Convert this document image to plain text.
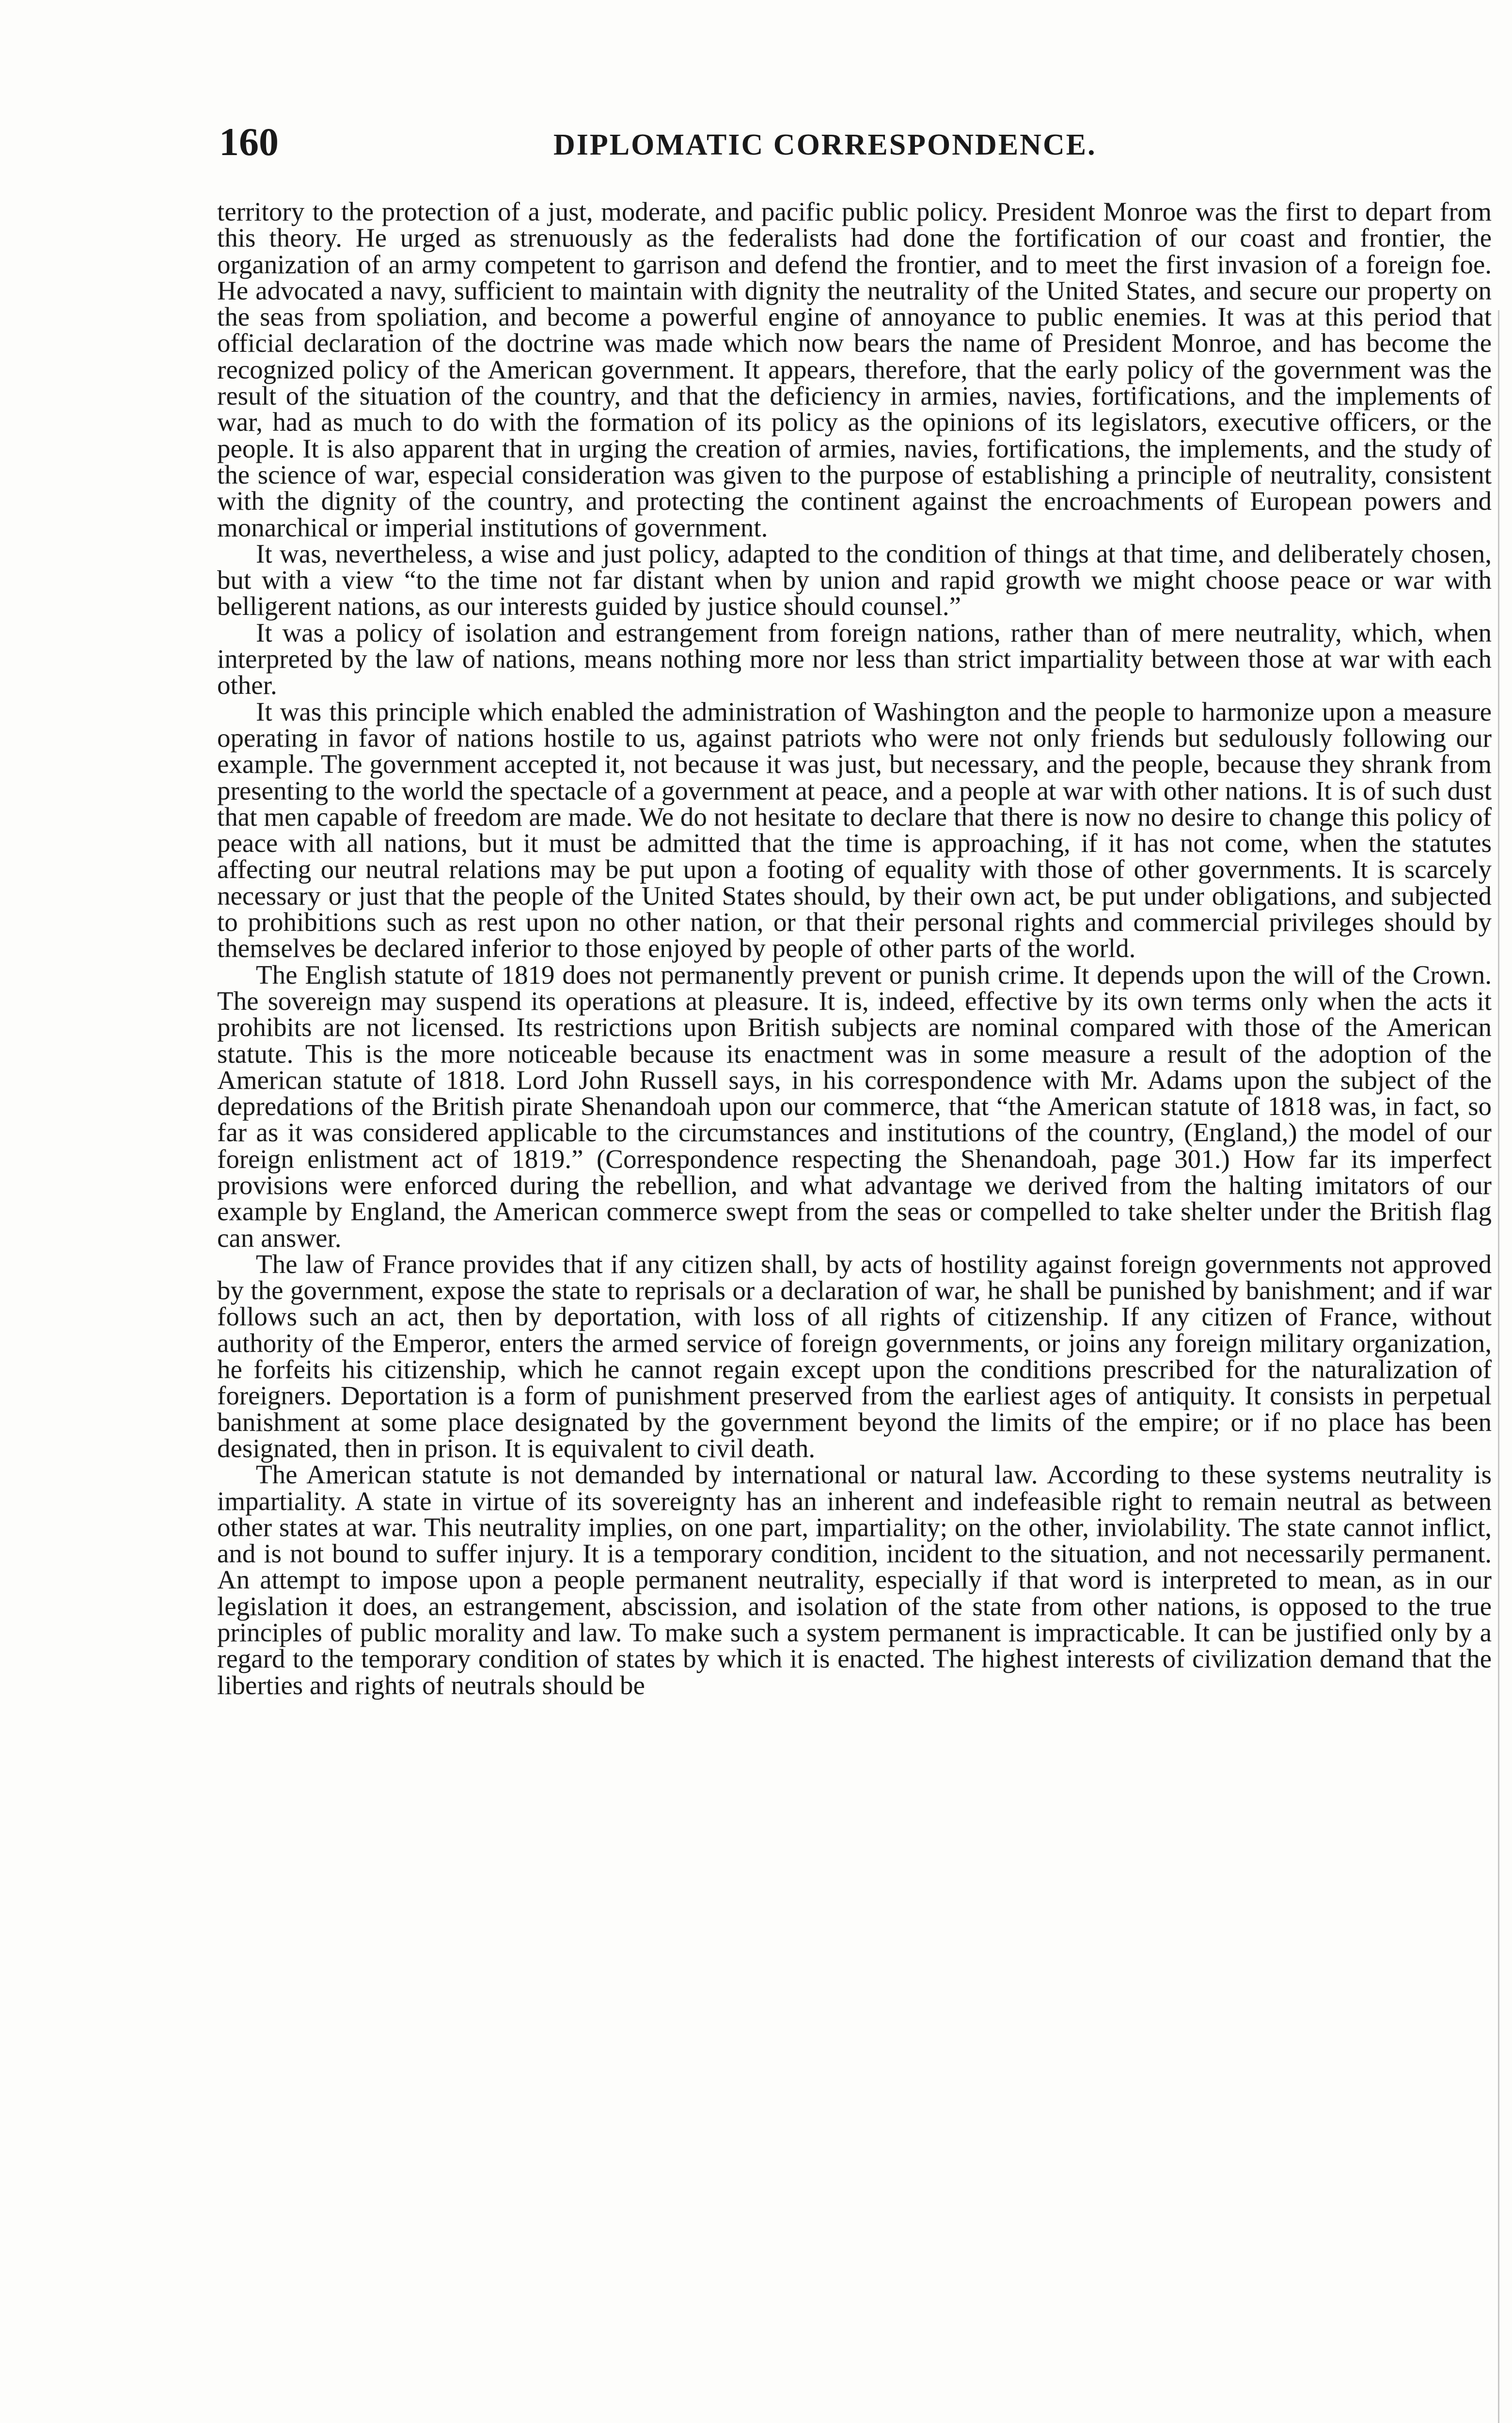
160	DIPLOMATIC CORRESPONDENCE.

territory to the protection of a just, moderate, and pacific public policy. President Monroe was the first to depart from this theory. He urged as strenuously as the federalists had done the fortification of our coast and frontier, the organization of an army competent to garrison and defend the frontier, and to meet the first invasion of a foreign foe. He advocated a navy, sufficient to maintain with dignity the neutrality of the United States, and secure our property on the seas from spoliation, and become a powerful engine of annoyance to public enemies. It was at this period that official declaration of the doctrine was made which now bears the name of President Monroe, and has become the recognized policy of the American government. It appears, therefore, that the early policy of the government was the result of the situation of the country, and that the deficiency in armies, navies, fortifications, and the implements of war, had as much to do with the formation of its policy as the opinions of its legislators, executive officers, or the people. It is also apparent that in urging the creation of armies, navies, fortifications, the implements, and the study of the science of war, especial consideration was given to the purpose of establishing a principle of neutrality, consistent with the dignity of the country, and protecting the continent against the encroachments of European powers and monarchical or imperial institutions of government.

It was, nevertheless, a wise and just policy, adapted to the condition of things at that time, and deliberately chosen, but with a view “to the time not far distant when by union and rapid growth we might choose peace or war with belligerent nations, as our interests guided by justice should counsel.”

It was a policy of isolation and estrangement from foreign nations, rather than of mere neutrality, which, when interpreted by the law of nations, means nothing more nor less than strict impartiality between those at war with each other.

It was this principle which enabled the administration of Washington and the people to harmonize upon a measure operating in favor of nations hostile to us, against patriots who were not only friends but sedulously following our example. The government accepted it, not because it was just, but necessary, and the people, because they shrank from presenting to the world the spectacle of a government at peace, and a people at war with other nations. It is of such dust that men capable of freedom are made. We do not hesitate to declare that there is now no desire to change this policy of peace with all nations, but it must be admitted that the time is approaching, if it has not come, when the statutes affecting our neutral relations may be put upon a footing of equality with those of other governments. It is scarcely necessary or just that the people of the United States should, by their own act, be put under obligations, and subjected to prohibitions such as rest upon no other nation, or that their personal rights and commercial privileges should by themselves be declared inferior to those enjoyed by people of other parts of the world.

The English statute of 1819 does not permanently prevent or punish crime. It depends upon the will of the Crown. The sovereign may suspend its operations at pleasure. It is, indeed, effective by its own terms only when the acts it prohibits are not licensed. Its restrictions upon British subjects are nominal compared with those of the American statute. This is the more noticeable because its enactment was in some measure a result of the adoption of the American statute of 1818. Lord John Russell says, in his correspondence with Mr. Adams upon the subject of the depredations of the British pirate Shenandoah upon our commerce, that “the American statute of 1818 was, in fact, so far as it was considered applicable to the circumstances and institutions of the country, (England,) the model of our foreign enlistment act of 1819.” (Correspondence respecting the Shenandoah, page 301.) How far its imperfect provisions were enforced during the rebellion, and what advantage we derived from the halting imitators of our example by England, the American commerce swept from the seas or compelled to take shelter under the British flag can answer.

The law of France provides that if any citizen shall, by acts of hostility against foreign governments not approved by the government, expose the state to reprisals or a declaration of war, he shall be punished by banishment; and if war follows such an act, then by deportation, with loss of all rights of citizenship. If any citizen of France, without authority of the Emperor, enters the armed service of foreign governments, or joins any foreign military organization, he forfeits his citizenship, which he cannot regain except upon the conditions prescribed for the naturalization of foreigners. Deportation is a form of punishment preserved from the earliest ages of antiquity. It consists in perpetual banishment at some place designated by the government beyond the limits of the empire; or if no place has been designated, then in prison. It is equivalent to civil death.

The American statute is not demanded by international or natural law. According to these systems neutrality is impartiality. A state in virtue of its sovereignty has an inherent and indefeasible right to remain neutral as between other states at war. This neutrality implies, on one part, impartiality; on the other, inviolability. The state cannot inflict, and is not bound to suffer injury. It is a temporary condition, incident to the situation, and not necessarily permanent. An attempt to impose upon a people permanent neutrality, especially if that word is interpreted to mean, as in our legislation it does, an estrangement, abscission, and isolation of the state from other nations, is opposed to the true principles of public morality and law. To make such a system permanent is impracticable. It can be justified only by a regard to the temporary condition of states by which it is enacted. The highest interests of civilization demand that the liberties and rights of neutrals should be
